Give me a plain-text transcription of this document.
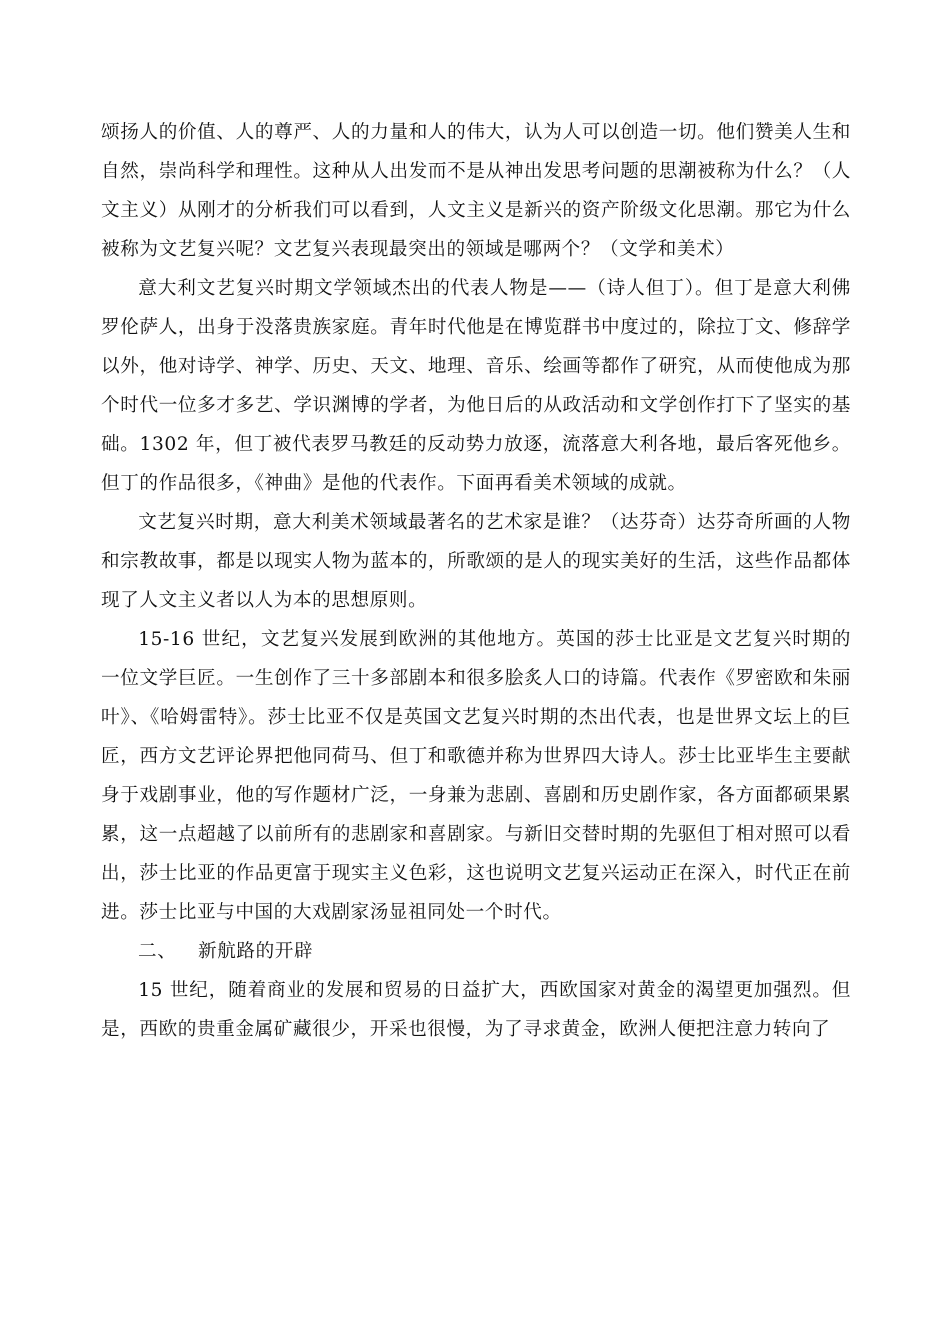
颂扬人的价值、人的尊严、人的力量和人的伟大，认为人可以创造一切。他们赞美人生和自然，崇尚科学和理性。这种从人出发而不是从神出发思考问题的思潮被称为什么？（人文主义）从刚才的分析我们可以看到，人文主义是新兴的资产阶级文化思潮。那它为什么被称为文艺复兴呢？文艺复兴表现最突出的领域是哪两个？（文学和美术）

意大利文艺复兴时期文学领域杰出的代表人物是——（诗人但丁）。但丁是意大利佛罗伦萨人，出身于没落贵族家庭。青年时代他是在博览群书中度过的，除拉丁文、修辞学以外，他对诗学、神学、历史、天文、地理、音乐、绘画等都作了研究，从而使他成为那个时代一位多才多艺、学识渊博的学者，为他日后的从政活动和文学创作打下了坚实的基础。1302 年，但丁被代表罗马教廷的反动势力放逐，流落意大利各地，最后客死他乡。但丁的作品很多，《神曲》是他的代表作。下面再看美术领域的成就。

文艺复兴时期，意大利美术领域最著名的艺术家是谁？（达芬奇）达芬奇所画的人物和宗教故事，都是以现实人物为蓝本的，所歌颂的是人的现实美好的生活，这些作品都体现了人文主义者以人为本的思想原则。

15-16 世纪，文艺复兴发展到欧洲的其他地方。英国的莎士比亚是文艺复兴时期的一位文学巨匠。一生创作了三十多部剧本和很多脍炙人口的诗篇。代表作《罗密欧和朱丽叶》、《哈姆雷特》。莎士比亚不仅是英国文艺复兴时期的杰出代表，也是世界文坛上的巨匠，西方文艺评论界把他同荷马、但丁和歌德并称为世界四大诗人。莎士比亚毕生主要献身于戏剧事业，他的写作题材广泛，一身兼为悲剧、喜剧和历史剧作家，各方面都硕果累累，这一点超越了以前所有的悲剧家和喜剧家。与新旧交替时期的先驱但丁相对照可以看出，莎士比亚的作品更富于现实主义色彩，这也说明文艺复兴运动正在深入，时代正在前进。莎士比亚与中国的大戏剧家汤显祖同处一个时代。

二、 新航路的开辟

15 世纪，随着商业的发展和贸易的日益扩大，西欧国家对黄金的渴望更加强烈。但是，西欧的贵重金属矿藏很少，开采也很慢，为了寻求黄金，欧洲人便把注意力转向了
